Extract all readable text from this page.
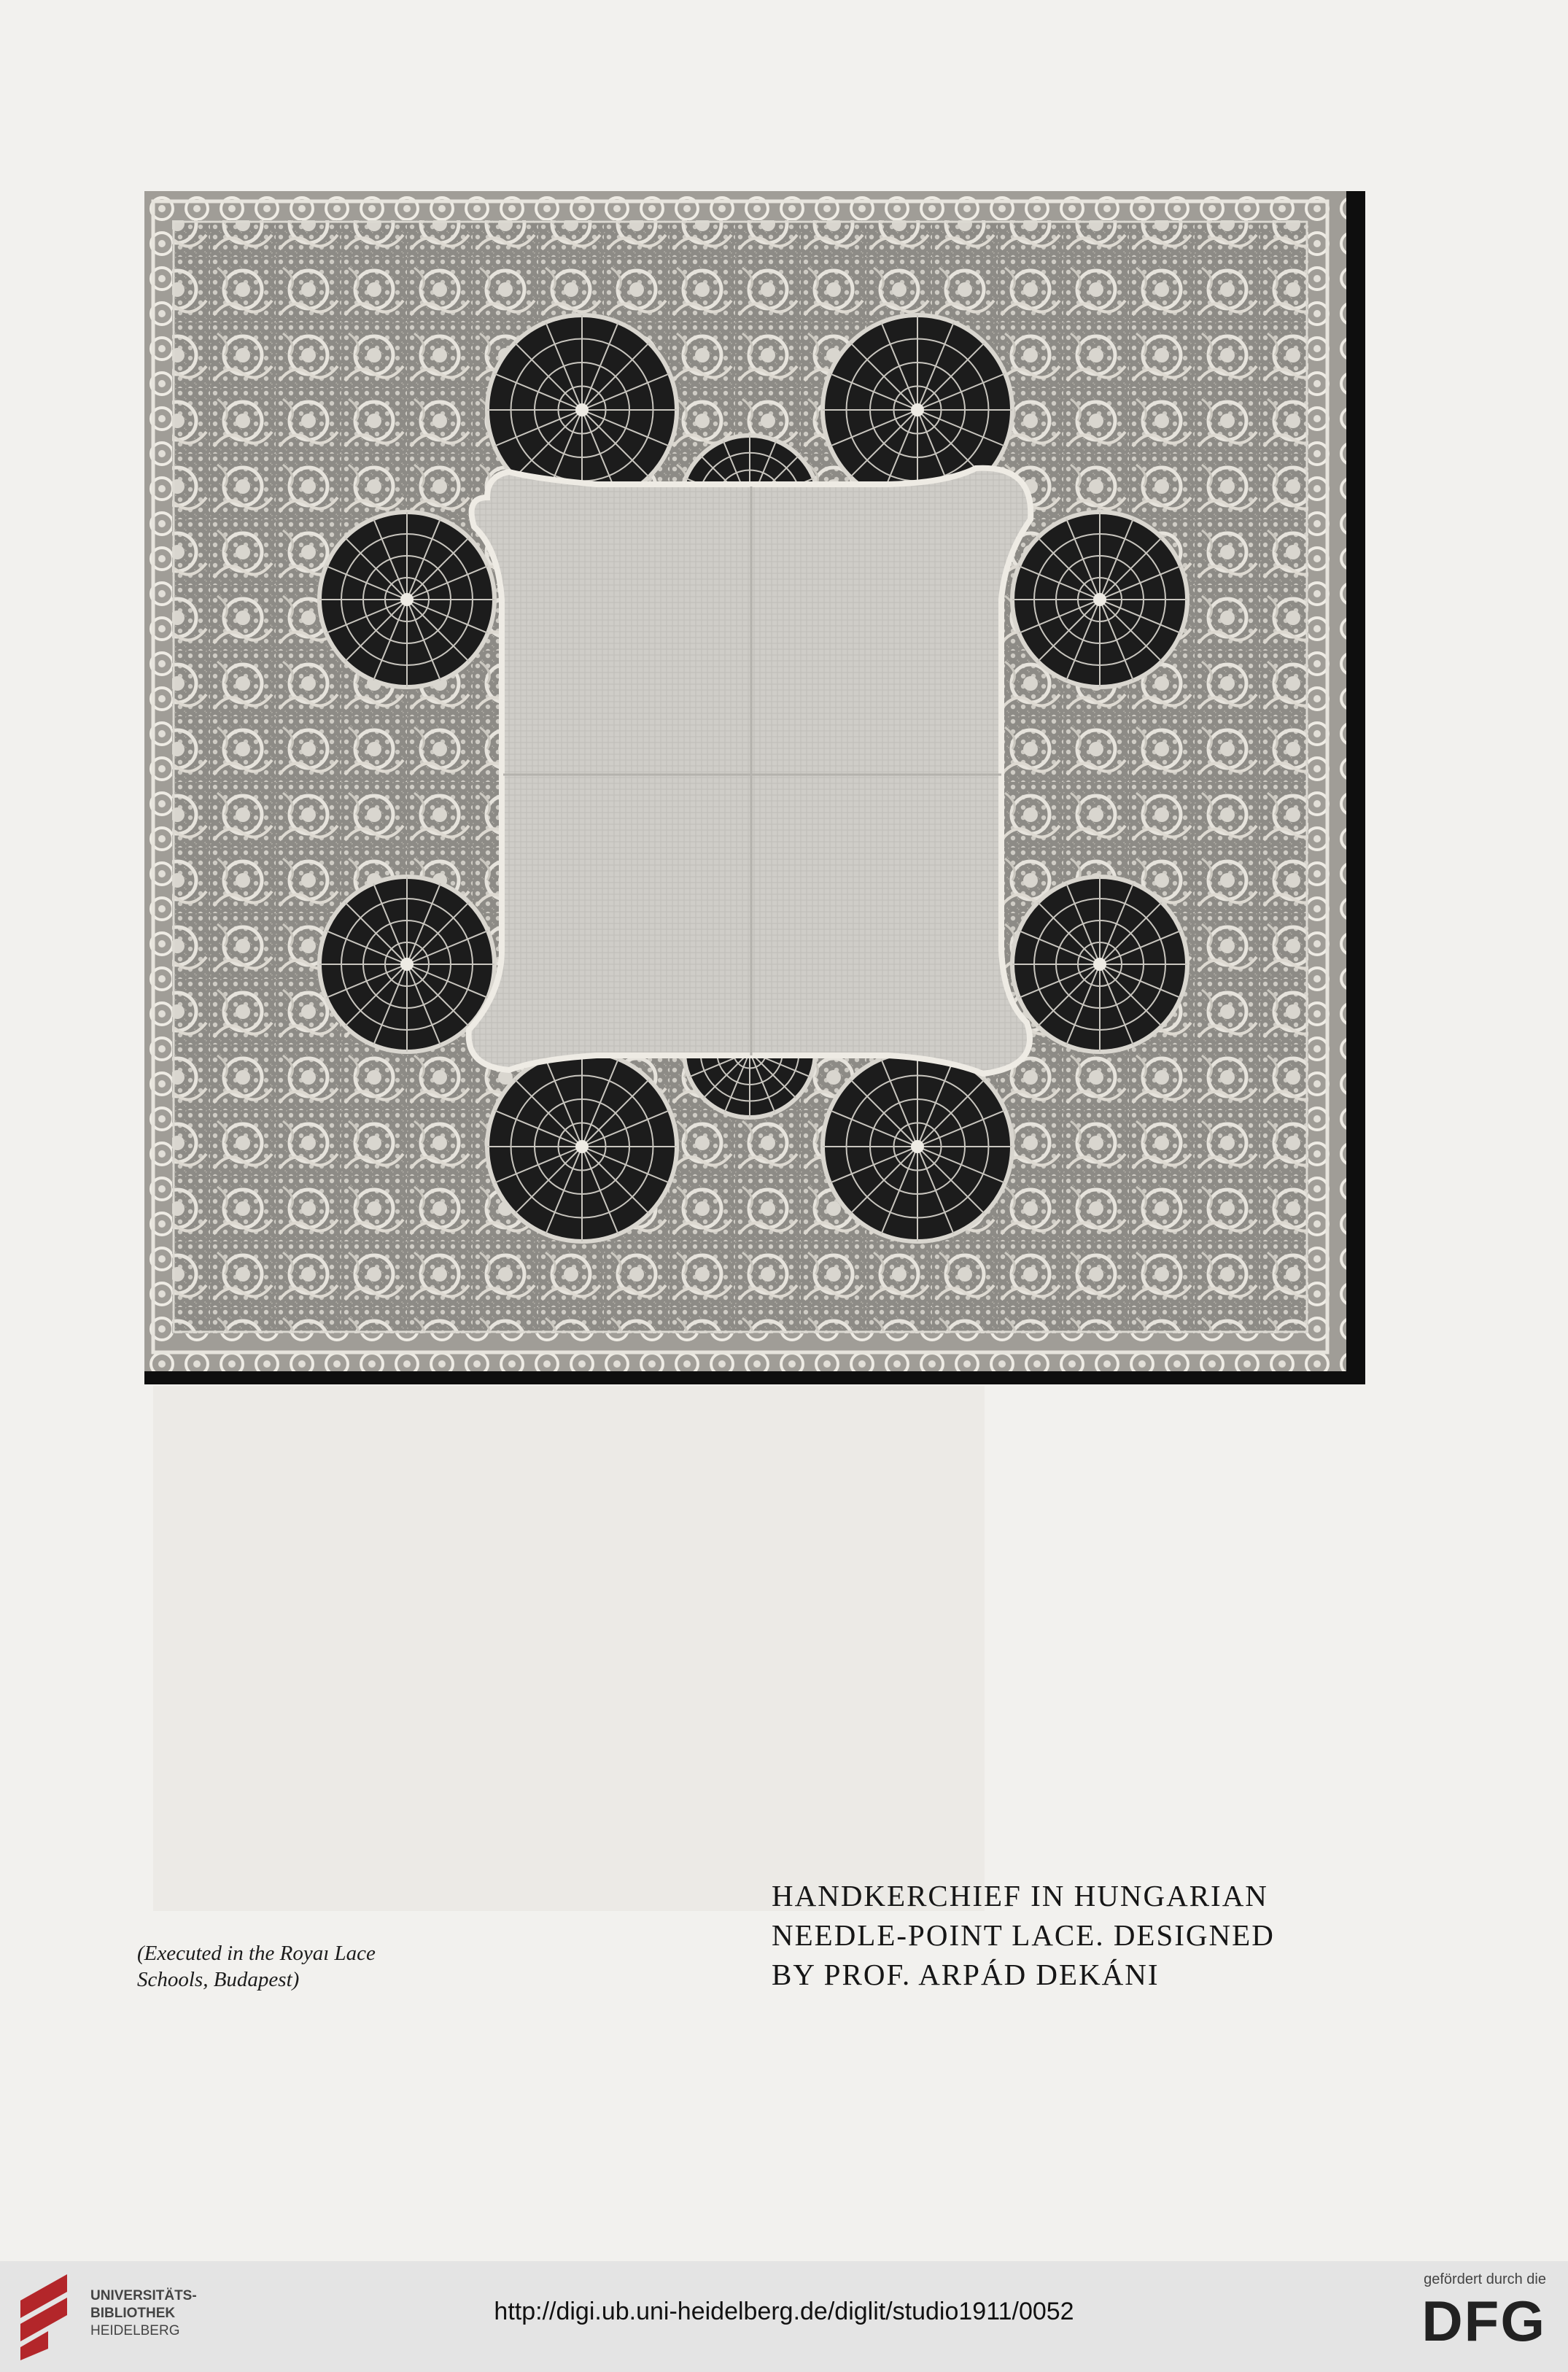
HANDKERCHIEF IN HUNGARIAN
NEEDLE-POINT LACE. DESIGNED
BY PROF. ARPÁD DEKÁNI
(Executed in the Royaı Lace
Schools, Budapest)
UNIVERSITÄTS-
BIBLIOTHEK
HEIDELBERG
http://digi.ub.uni-heidelberg.de/diglit/studio1911/0052
gefördert durch die
DFG
